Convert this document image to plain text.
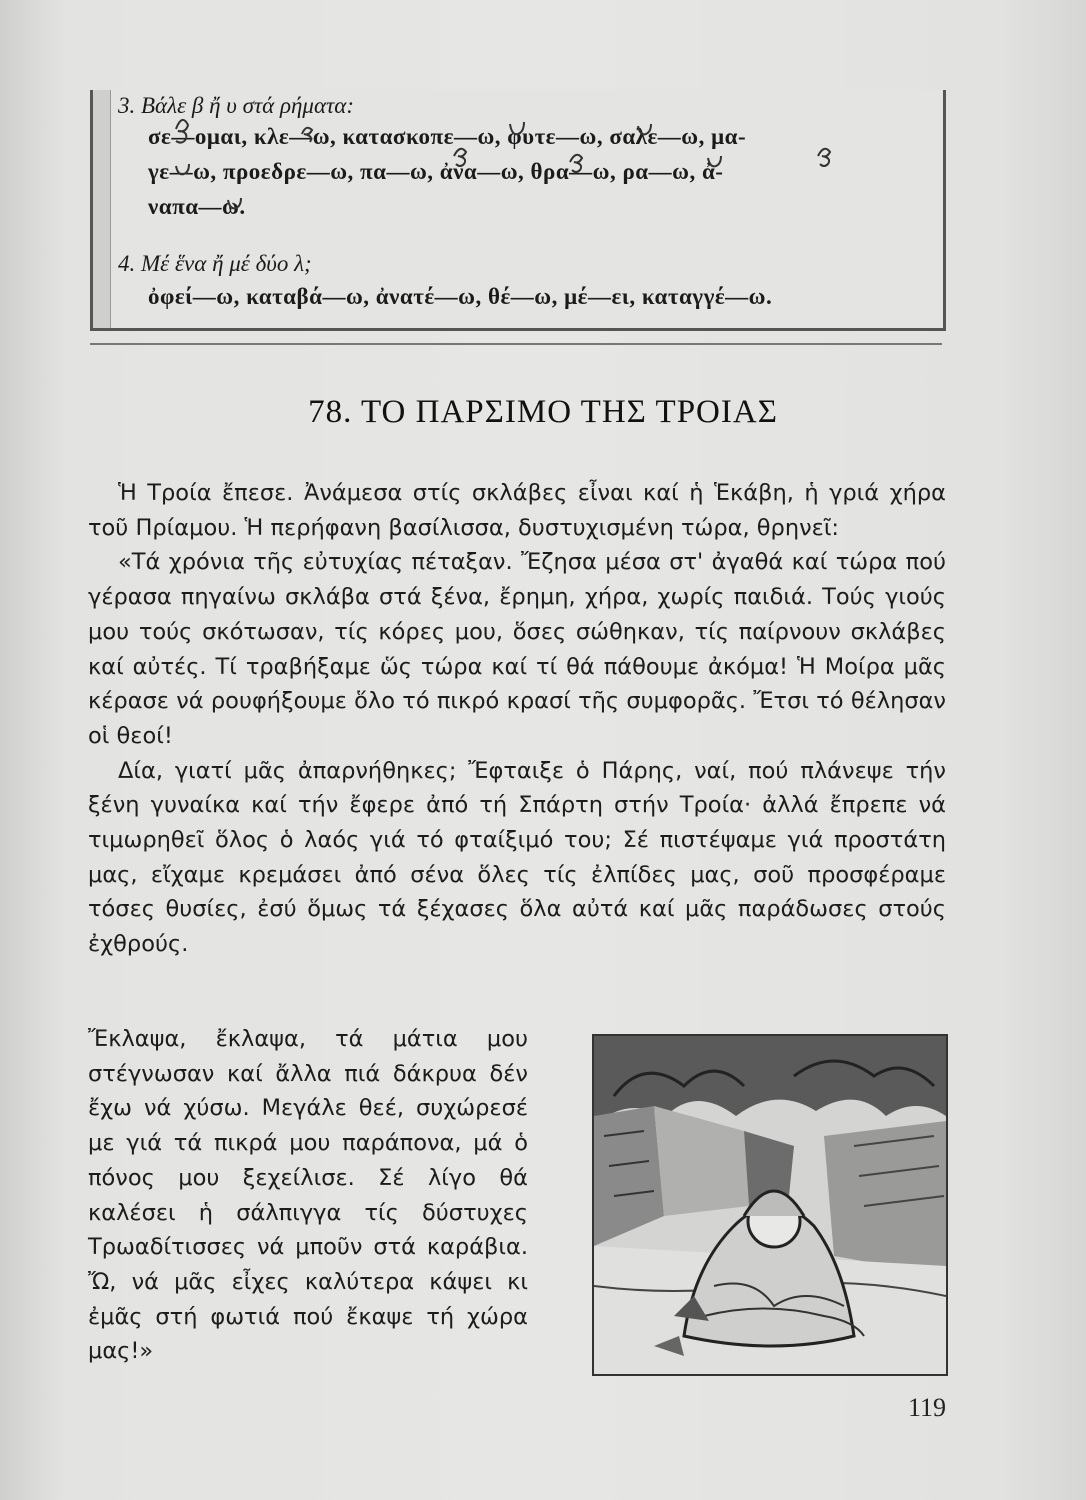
3. Βάλε β ἤ υ στά ρήματα:
σε—ομαι, κλε—ω, κατασκοπε—ω, φυτε—ω, σαλε—ω, μα-
γε—ω, προεδρε—ω, πα—ω, ἀνα—ω, θρα—ω, ρα—ω, ἀ-
ναπα—ω.
4. Μέ ἕνα ἤ μέ δύο λ;
ὀφεί—ω, καταβά—ω, ἀνατέ—ω, θέ—ω, μέ—ει, καταγγέ—ω.
78. ΤΟ ΠΑΡΣΙΜΟ ΤΗΣ ΤΡΟΙΑΣ

Ἡ Τροία ἔπεσε. Ἀνάμεσα στίς σκλάβες εἶναι καί ἡ Ἑκάβη, ἡ γριά χήρα τοῦ Πρίαμου. Ἡ περήφανη βασίλισσα, δυστυχισμένη τώρα, θρηνεῖ:

«Τά χρόνια τῆς εὐτυχίας πέταξαν. Ἔζησα μέσα στ' ἀγαθά καί τώρα πού γέρασα πηγαίνω σκλάβα στά ξένα, ἔρημη, χήρα, χωρίς παιδιά. Τούς γιούς μου τούς σκότωσαν, τίς κόρες μου, ὅσες σώθηκαν, τίς παίρνουν σκλάβες καί αὐτές. Τί τραβήξαμε ὥς τώρα καί τί θά πάθουμε ἀκόμα! Ἡ Μοίρα μᾶς κέρασε νά ρουφήξουμε ὅλο τό πικρό κρασί τῆς συμφορᾶς. Ἔτσι τό θέλησαν οἱ θεοί!

Δία, γιατί μᾶς ἀπαρνήθηκες; Ἔφταιξε ὁ Πάρης, ναί, πού πλάνεψε τήν ξένη γυναίκα καί τήν ἔφερε ἀπό τή Σπάρτη στήν Τροία· ἀλλά ἔπρεπε νά τιμωρηθεῖ ὅλος ὁ λαός γιά τό φταίξιμό του; Σέ πιστέψαμε γιά προστάτη μας, εἴχαμε κρεμάσει ἀπό σένα ὅλες τίς ἐλπίδες μας, σοῦ προσφέραμε τόσες θυσίες, ἐσύ ὅμως τά ξέχασες ὅλα αὐτά καί μᾶς παράδωσες στούς ἐχθρούς.

Ἔκλαψα, ἔκλαψα, τά μάτια μου στέγνωσαν καί ἄλλα πιά δάκρυα δέν ἔχω νά χύσω. Μεγάλε θεέ, συχώρεσέ με γιά τά πικρά μου παράπονα, μά ὁ πόνος μου ξεχείλισε. Σέ λίγο θά καλέσει ἡ σάλπιγγα τίς δύστυχες Τρωαδίτισσες νά μποῦν στά καράβια. Ὤ, νά μᾶς εἶχες καλύτερα κάψει κι ἐμᾶς στή φωτιά πού ἔκαψε τή χώρα μας!»

119
